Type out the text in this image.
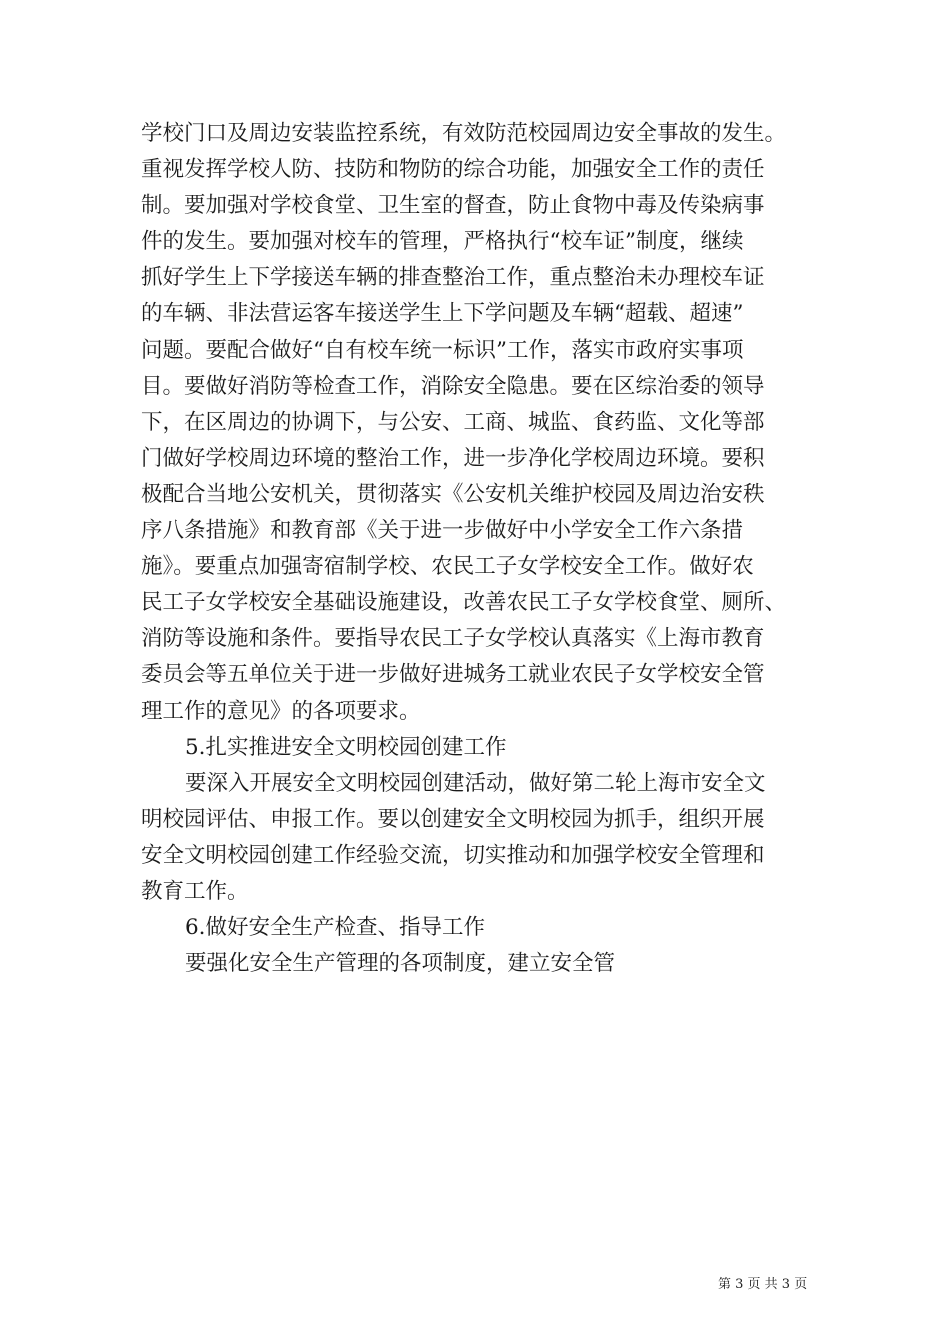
学校门口及周边安装监控系统，有效防范校园周边安全事故的发生。
重视发挥学校人防、技防和物防的综合功能，加强安全工作的责任
制。要加强对学校食堂、卫生室的督查，防止食物中毒及传染病事
件的发生。要加强对校车的管理，严格执行“校车证”制度，继续
抓好学生上下学接送车辆的排查整治工作，重点整治未办理校车证
的车辆、非法营运客车接送学生上下学问题及车辆“超载、超速”
问题。要配合做好“自有校车统一标识”工作，落实市政府实事项
目。要做好消防等检查工作，消除安全隐患。要在区综治委的领导
下，在区周边的协调下，与公安、工商、城监、食药监、文化等部
门做好学校周边环境的整治工作，进一步净化学校周边环境。要积
极配合当地公安机关，贯彻落实《公安机关维护校园及周边治安秩
序八条措施》和教育部《关于进一步做好中小学安全工作六条措
施》。要重点加强寄宿制学校、农民工子女学校安全工作。做好农
民工子女学校安全基础设施建设，改善农民工子女学校食堂、厕所、
消防等设施和条件。要指导农民工子女学校认真落实《上海市教育
委员会等五单位关于进一步做好进城务工就业农民子女学校安全管
理工作的意见》的各项要求。
5.扎实推进安全文明校园创建工作
要深入开展安全文明校园创建活动，做好第二轮上海市安全文
明校园评估、申报工作。要以创建安全文明校园为抓手，组织开展
安全文明校园创建工作经验交流，切实推动和加强学校安全管理和
教育工作。
6.做好安全生产检查、指导工作
要强化安全生产管理的各项制度，建立安全管
第 3 页 共 3 页
